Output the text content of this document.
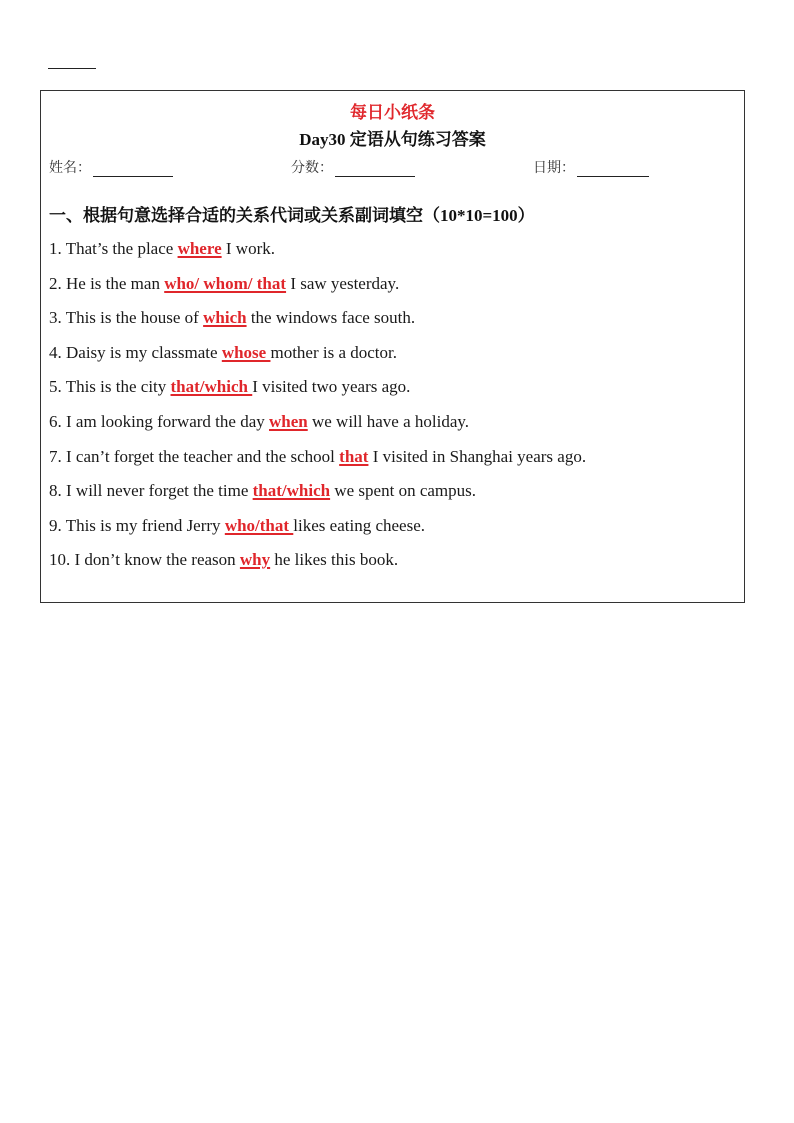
每日小纸条
Day30 定语从句练习答案
姓名：	分数：	日期：
一、根据句意选择合适的关系代词或关系副词填空（10*10=100）
1. That’s the place where I work.
2. He is the man who/ whom/ that I saw yesterday.
3. This is the house of which the windows face south.
4. Daisy is my classmate whose mother is a doctor.
5. This is the city that/which I visited two years ago.
6. I am looking forward the day when we will have a holiday.
7. I can’t forget the teacher and the school that I visited in Shanghai years ago.
8. I will never forget the time that/which we spent on campus.
9. This is my friend Jerry who/that likes eating cheese.
10. I don’t know the reason why he likes this book.
